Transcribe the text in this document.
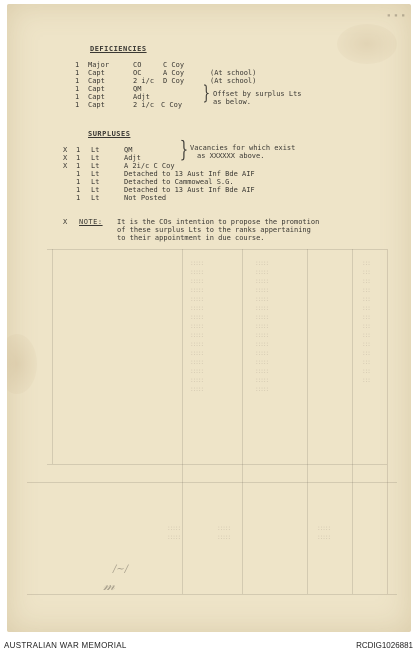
:::::
:::::
:::::
:::::
:::::
:::::
:::::
:::::
:::::
:::::
:::::
:::::
:::::
:::::
:::::
:::::
:::::
:::::
:::::
:::::
:::::
:::::
:::::
:::::
:::::
:::::
:::::
:::::
:::::
:::::
:::
:::
:::
:::
:::
:::
:::
:::
:::
:::
:::
:::
:::
:::
:::::
:::::
:::::
:::::
:::::
:::::
▪ ▪ ▪
DEFICIENCIES
1 Major	CO	C Coy
1 Capt	OC	A Coy	(At school)
1 Capt	2 i/c D Coy	(At school)
1 Capt	QM
1 Capt	Adjt
1 Capt	2 i/c C Coy
} Offset by surplus Lts
as below.
SURPLUSES
X 1 Lt	QM
X 1 Lt	Adjt
X 1 Lt	A 2i/c C Coy
1 Lt	Detached to 13 Aust Inf Bde AIF
1 Lt	Detached to Cammoweal S.G.
1 Lt	Detached to 13 Aust Inf Bde AIF
1 Lt	Not Posted
} Vacancies for which exist
as XXXXXX above.
X NOTE: It is the COs intention to propose the promotion
of these surplus Lts to the ranks appertaining
to their appointment in due course.
𝓂
/~/
AUSTRALIAN WAR MEMORIAL	RCDIG1026881
